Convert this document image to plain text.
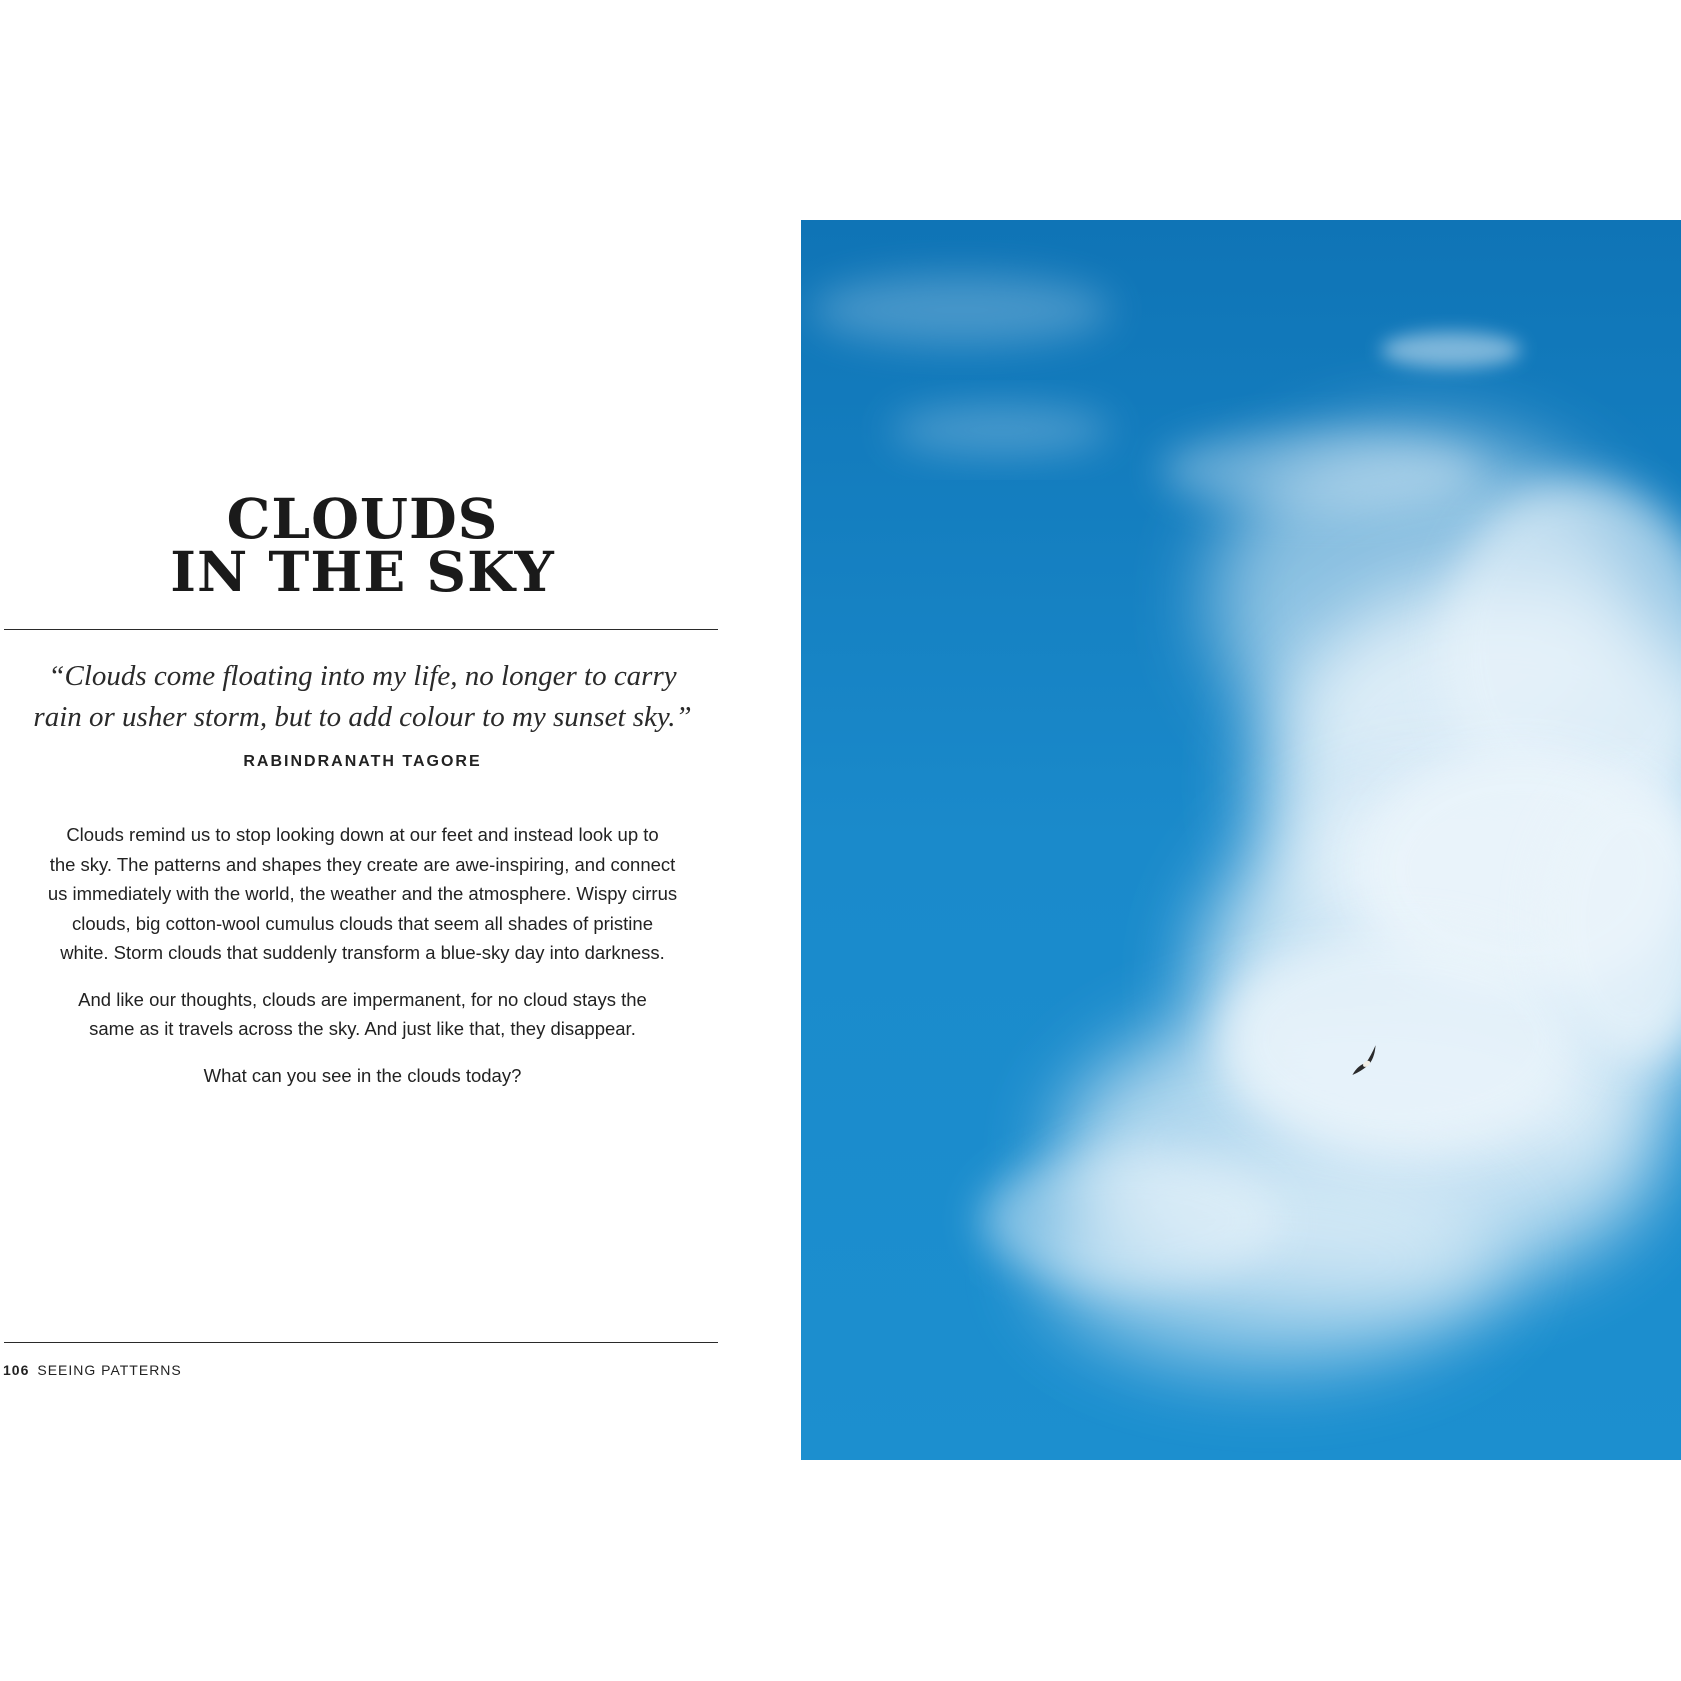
CLOUDS
IN THE SKY
“Clouds come floating into my life, no longer to carry
rain or usher storm, but to add colour to my sunset sky.”
RABINDRANATH TAGORE

Clouds remind us to stop looking down at our feet and instead look up to
the sky. The patterns and shapes they create are awe-inspiring, and connect
us immediately with the world, the weather and the atmosphere. Wispy cirrus
clouds, big cotton-wool cumulus clouds that seem all shades of pristine
white. Storm clouds that suddenly transform a blue-sky day into darkness.

And like our thoughts, clouds are impermanent, for no cloud stays the
same as it travels across the sky. And just like that, they disappear.

What can you see in the clouds today?

106 SEEING PATTERNS
